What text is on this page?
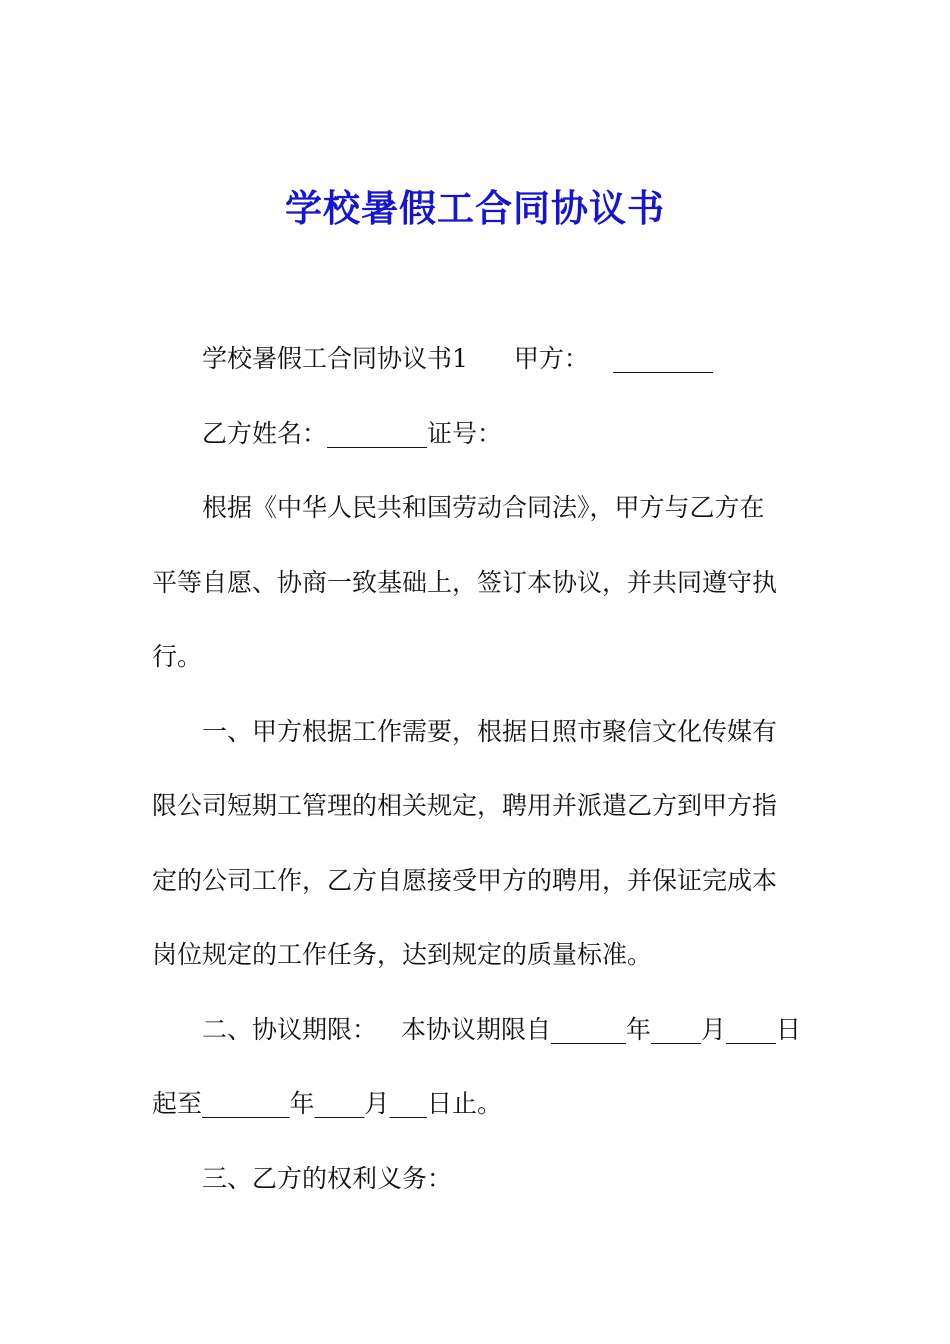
学校暑假工合同协议书
学校暑假工合同协议书1 甲方： ________
乙方姓名：________证号：
根据《中华人民共和国劳动合同法》，甲方与乙方在
平等自愿、协商一致基础上，签订本协议，并共同遵守执
行。
一、甲方根据工作需要，根据日照市聚信文化传媒有
限公司短期工管理的相关规定，聘用并派遣乙方到甲方指
定的公司工作，乙方自愿接受甲方的聘用，并保证完成本
岗位规定的工作任务，达到规定的质量标准。
二、协议期限： 本协议期限自______年____月____日
起至_______年____月___日止。
三、乙方的权利义务：
